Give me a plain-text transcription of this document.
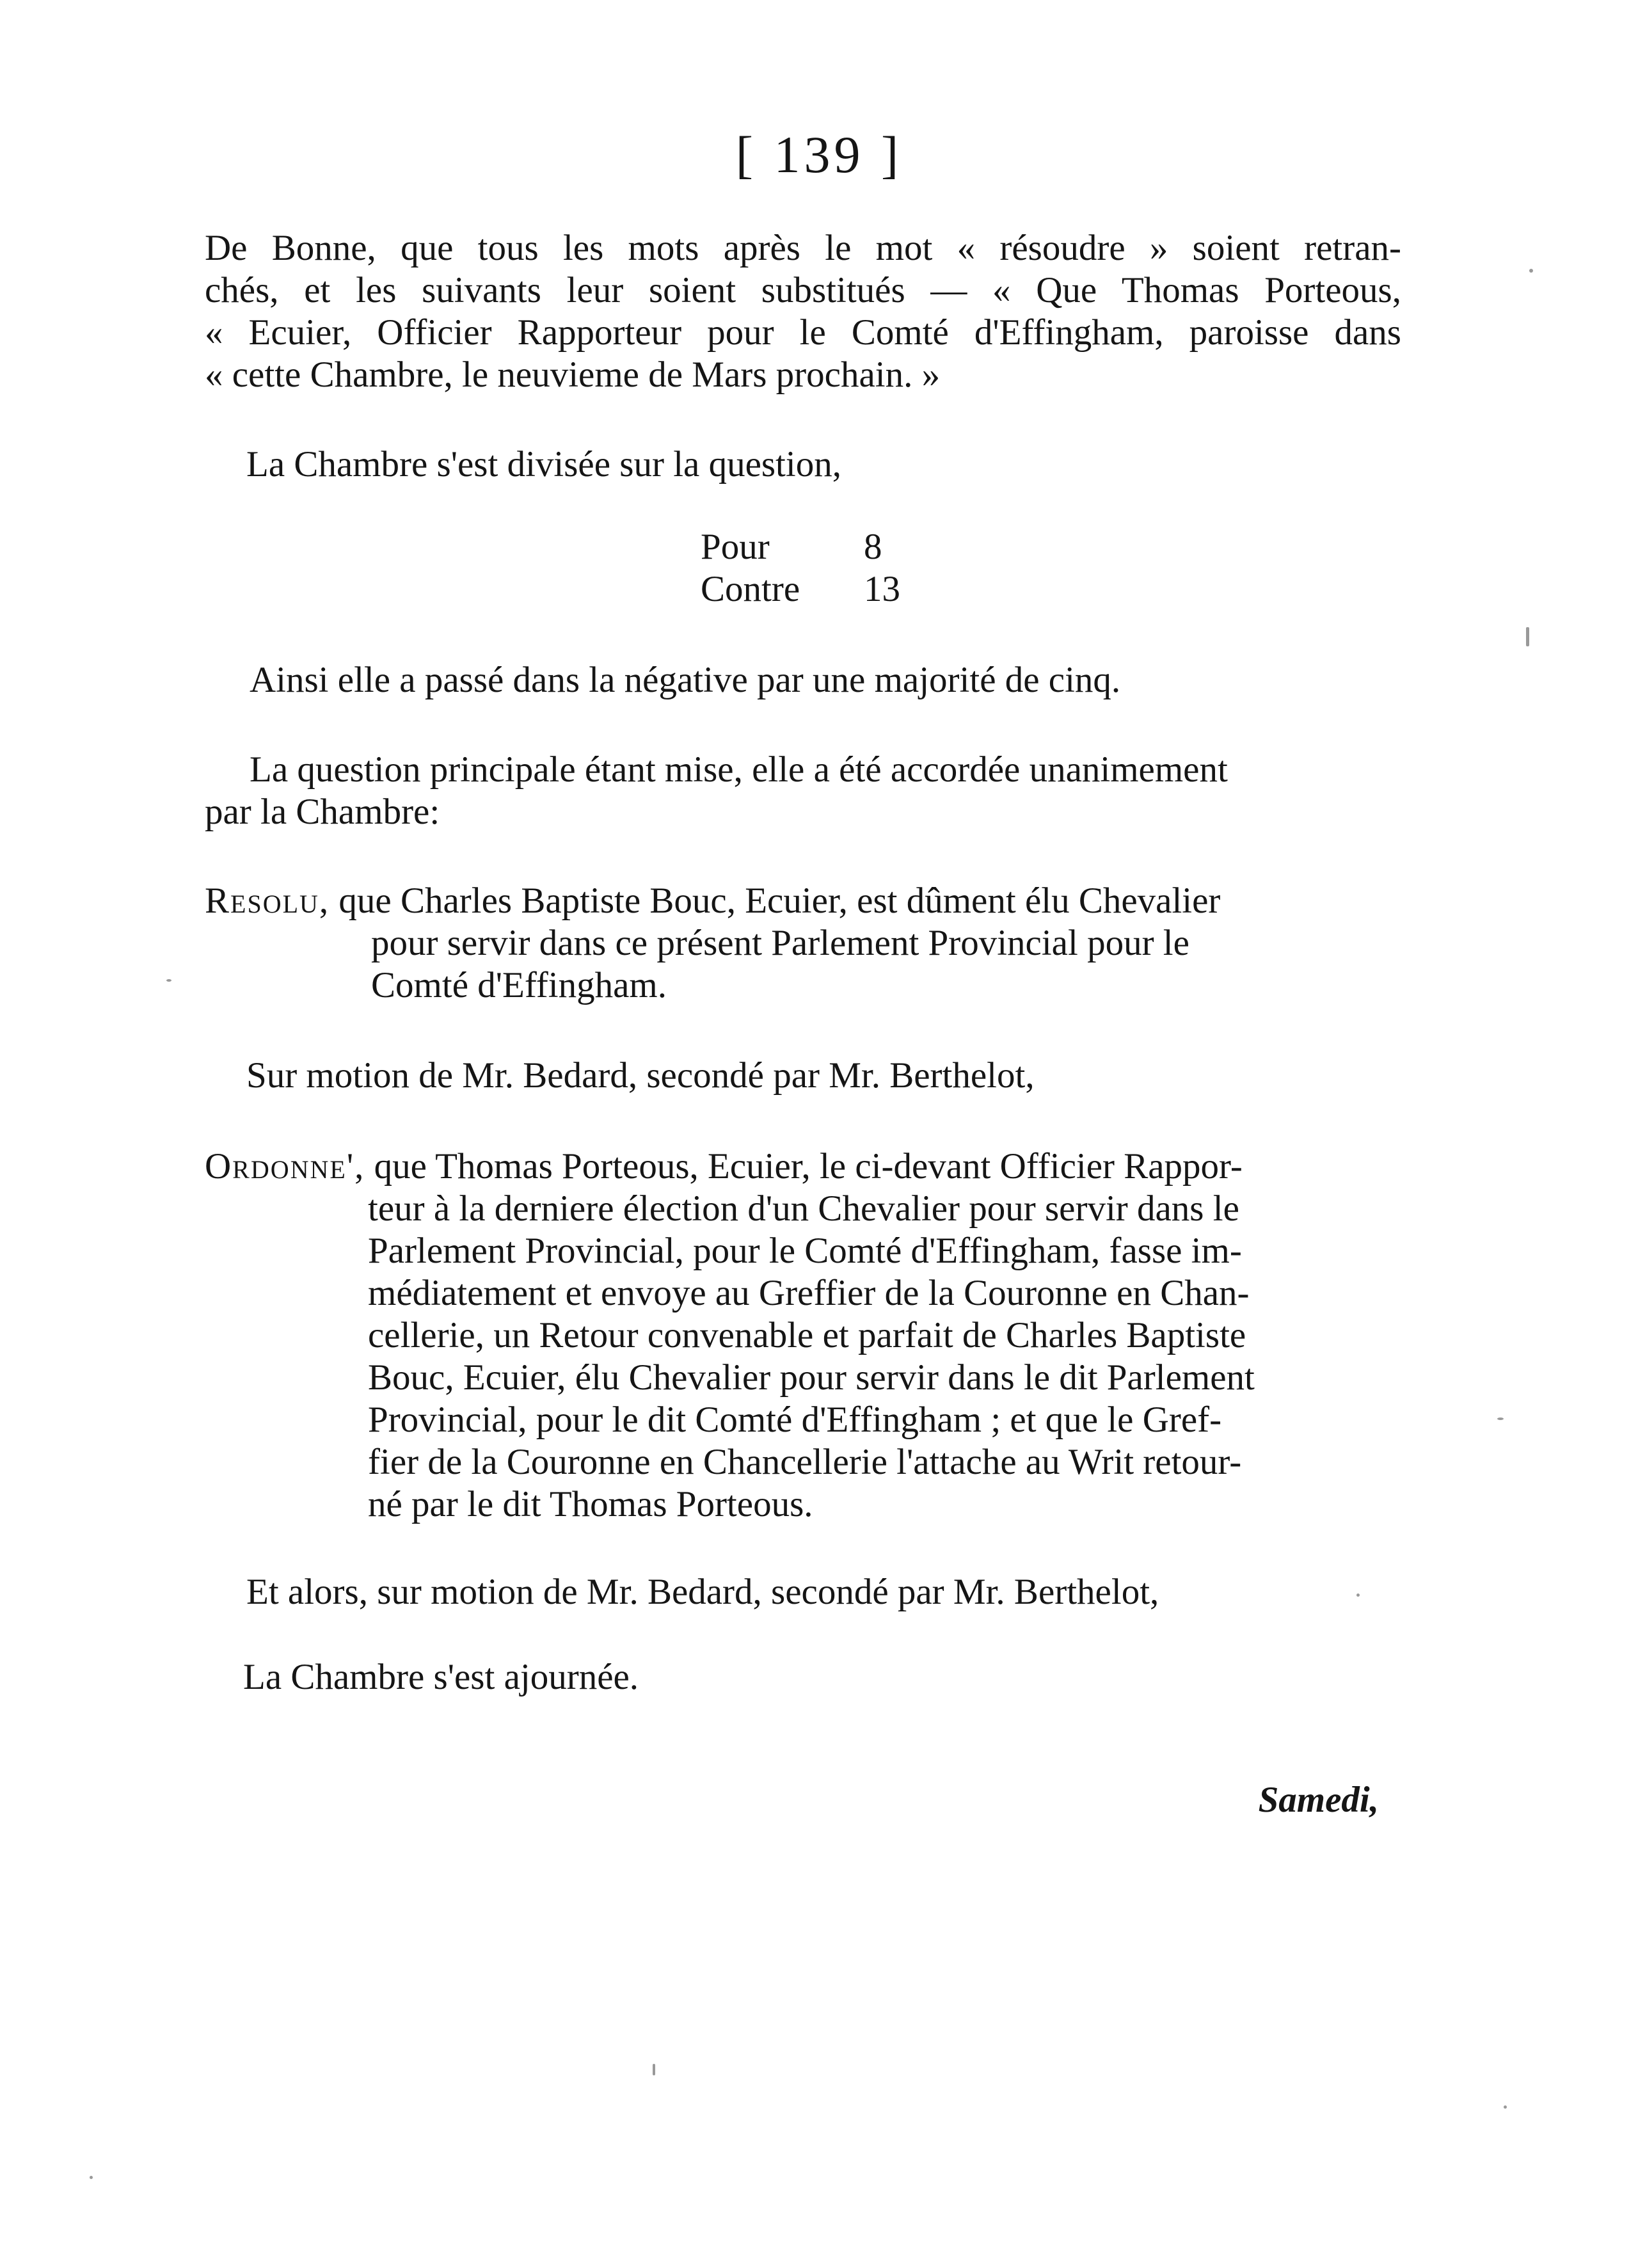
[ 139 ]
De Bonne, que tous les mots après le mot « résoudre » soient retran-
chés, et les suivants leur soient substitués — « Que Thomas Porteous,
« Ecuier, Officier Rapporteur pour le Comté d'Effingham, paroisse dans
« cette Chambre, le neuvieme de Mars prochain. »
La Chambre s'est divisée sur la question,
Pour	8
Contre	13
Ainsi elle a passé dans la négative par une majorité de cinq.
La question principale étant mise, elle a été accordée unanimement
par la Chambre:
Resolu, que Charles Baptiste Bouc, Ecuier, est dûment élu Chevalier
pour servir dans ce présent Parlement Provincial pour le
Comté d'Effingham.
Sur motion de Mr. Bedard, secondé par Mr. Berthelot,
Ordonne', que Thomas Porteous, Ecuier, le ci-devant Officier Rappor-
teur à la derniere élection d'un Chevalier pour servir dans le
Parlement Provincial, pour le Comté d'Effingham, fasse im-
médiatement et envoye au Greffier de la Couronne en Chan-
cellerie, un Retour convenable et parfait de Charles Baptiste
Bouc, Ecuier, élu Chevalier pour servir dans le dit Parlement
Provincial, pour le dit Comté d'Effingham ; et que le Gref-
fier de la Couronne en Chancellerie l'attache au Writ retour-
né par le dit Thomas Porteous.
Et alors, sur motion de Mr. Bedard, secondé par Mr. Berthelot,
La Chambre s'est ajournée.
Samedi,
